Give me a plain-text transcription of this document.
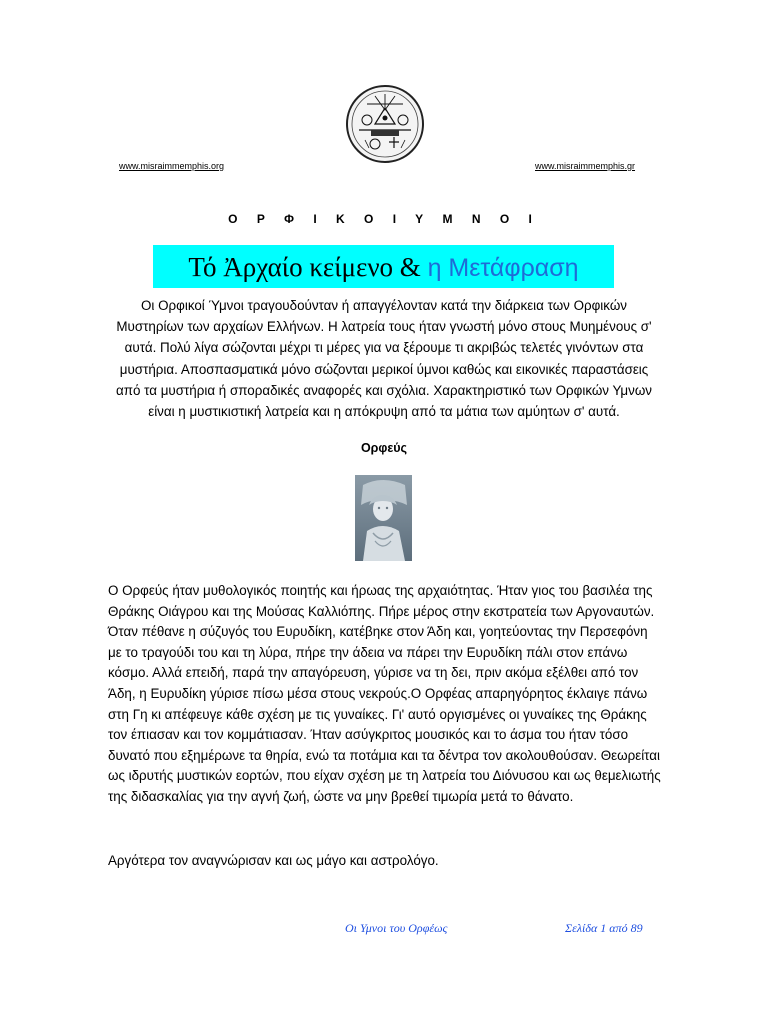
www.misraimmemphis.org	www.misraimmemphis.gr
Ο Ρ Φ Ι Κ Ο Ι Υ Μ Ν Ο Ι
Τό Ἀρχαίο κείμενο & η Μετάφραση
Οι Ορφικοί Ύμνοι τραγουδούνταν ή απαγγέλονταν κατά την διάρκεια των Ορφικών Μυστηρίων των αρχαίων Ελλήνων. Η λατρεία τους ήταν γνωστή μόνο στους Μυημένους σ' αυτά. Πολύ λίγα σώζονται μέχρι τι μέρες για να ξέρουμε τι ακριβώς τελετές γινόντων στα μυστήρια. Αποσπασματικά μόνο σώζονται μερικοί ύμνοι καθώς και εικονικές παραστάσεις από τα μυστήρια ή σποραδικές αναφορές και σχόλια. Χαρακτηριστικό των Ορφικών Υμνων είναι η μυστικιστική λατρεία και η απόκρυψη από τα μάτια των αμύητων σ' αυτά.
Ορφεύς

Ο Ορφεύς ήταν μυθολογικός ποιητής και ήρωας της αρχαιότητας. Ήταν γιος του βασιλέα της Θράκης Οιάγρου και της Μούσας Καλλιόπης. Πήρε μέρος στην εκστρατεία των Αργοναυτών. Όταν πέθανε η σύζυγός του Ευρυδίκη, κατέβηκε στον Άδη και, γοητεύοντας την Περσεφόνη με το τραγούδι του και τη λύρα, πήρε την άδεια να πάρει την Ευρυδίκη πάλι στον επάνω κόσμο. Αλλά επειδή, παρά την απαγόρευση, γύρισε να τη δει, πριν ακόμα εξέλθει από τον Άδη, η Ευρυδίκη γύρισε πίσω μέσα στους νεκρούς.Ο Ορφέας απαρηγόρητος έκλαιγε πάνω στη Γη κι απέφευγε κάθε σχέση με τις γυναίκες. Γι' αυτό οργισμένες οι γυναίκες της Θράκης τον έπιασαν και τον κομμάτιασαν. Ήταν ασύγκριτος μουσικός και το άσμα του ήταν τόσο δυνατό που εξημέρωνε τα θηρία, ενώ τα ποτάμια και τα δέντρα τον ακολουθούσαν. Θεωρείται ως ιδρυτής μυστικών εορτών, που είχαν σχέση με τη λατρεία του Διόνυσου και ως θεμελιωτής της διδασκαλίας για την αγνή ζωή, ώστε να μην βρεθεί τιμωρία μετά το θάνατο.

Αργότερα τον αναγνώρισαν και ως μάγο και αστρολόγο.
Οι Υμνοι του Ορφέως	Σελίδα 1 από 89
